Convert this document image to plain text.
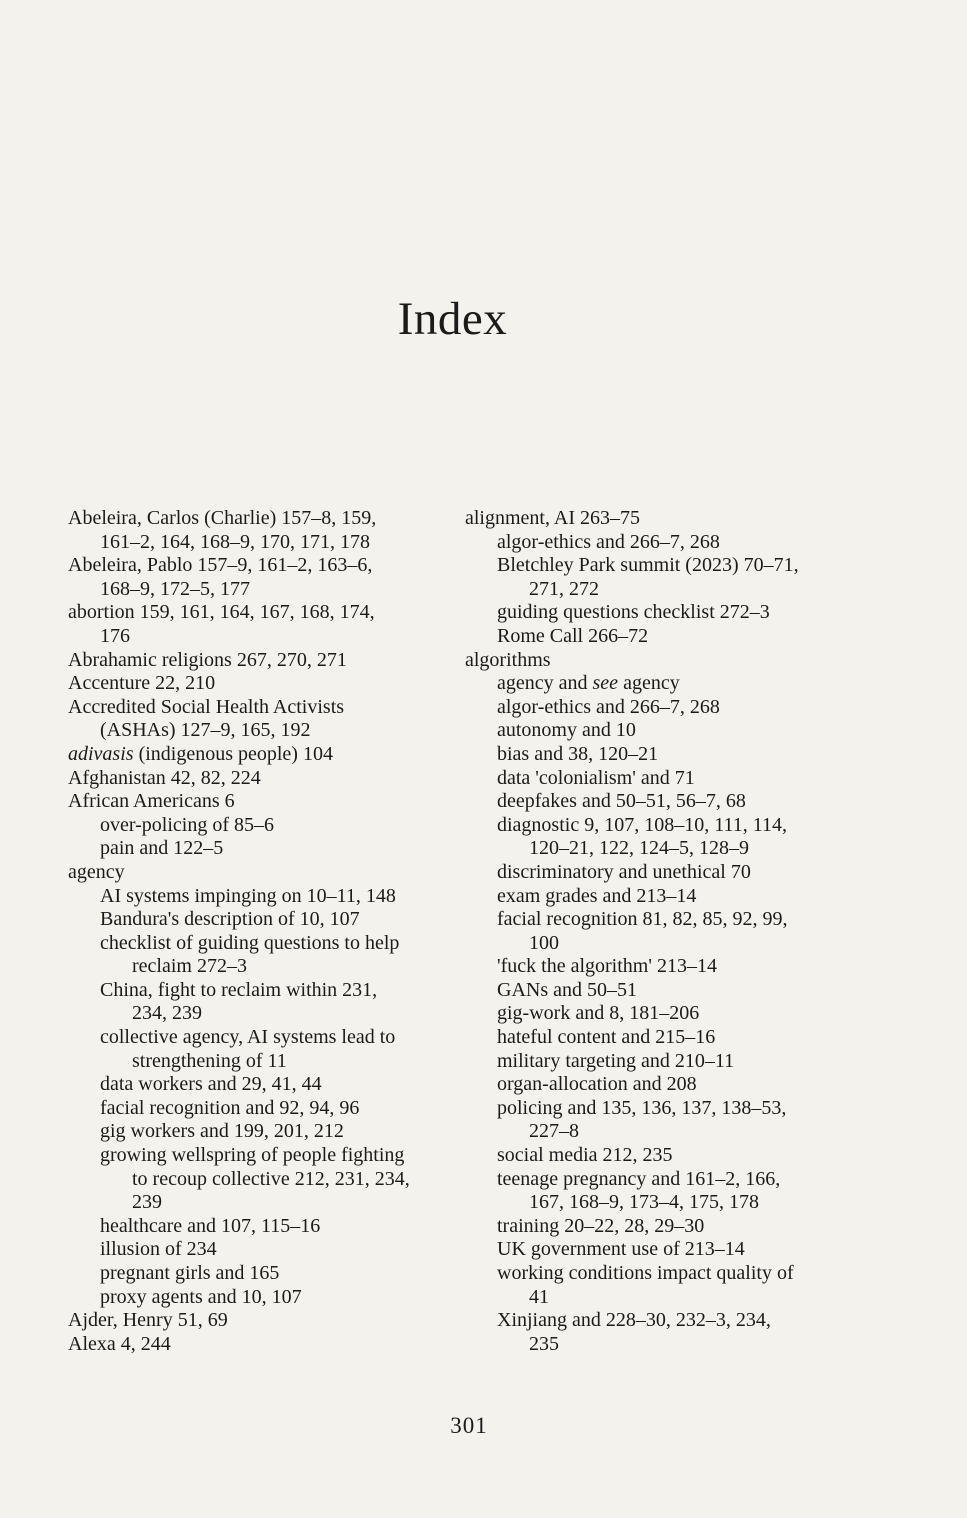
Index
Abeleira, Carlos (Charlie) 157–8, 159,
161–2, 164, 168–9, 170, 171, 178
Abeleira, Pablo 157–9, 161–2, 163–6,
168–9, 172–5, 177
abortion 159, 161, 164, 167, 168, 174,
176
Abrahamic religions 267, 270, 271
Accenture 22, 210
Accredited Social Health Activists
(ASHAs) 127–9, 165, 192
adivasis (indigenous people) 104
Afghanistan 42, 82, 224
African Americans 6
over-policing of 85–6
pain and 122–5
agency
AI systems impinging on 10–11, 148
Bandura's description of 10, 107
checklist of guiding questions to help
reclaim 272–3
China, fight to reclaim within 231,
234, 239
collective agency, AI systems lead to
strengthening of 11
data workers and 29, 41, 44
facial recognition and 92, 94, 96
gig workers and 199, 201, 212
growing wellspring of people fighting
to recoup collective 212, 231, 234,
239
healthcare and 107, 115–16
illusion of 234
pregnant girls and 165
proxy agents and 10, 107
Ajder, Henry 51, 69
Alexa 4, 244
alignment, AI 263–75
algor-ethics and 266–7, 268
Bletchley Park summit (2023) 70–71,
271, 272
guiding questions checklist 272–3
Rome Call 266–72
algorithms
agency and see agency
algor-ethics and 266–7, 268
autonomy and 10
bias and 38, 120–21
data 'colonialism' and 71
deepfakes and 50–51, 56–7, 68
diagnostic 9, 107, 108–10, 111, 114,
120–21, 122, 124–5, 128–9
discriminatory and unethical 70
exam grades and 213–14
facial recognition 81, 82, 85, 92, 99,
100
'fuck the algorithm' 213–14
GANs and 50–51
gig-work and 8, 181–206
hateful content and 215–16
military targeting and 210–11
organ-allocation and 208
policing and 135, 136, 137, 138–53,
227–8
social media 212, 235
teenage pregnancy and 161–2, 166,
167, 168–9, 173–4, 175, 178
training 20–22, 28, 29–30
UK government use of 213–14
working conditions impact quality of
41
Xinjiang and 228–30, 232–3, 234,
235
301
